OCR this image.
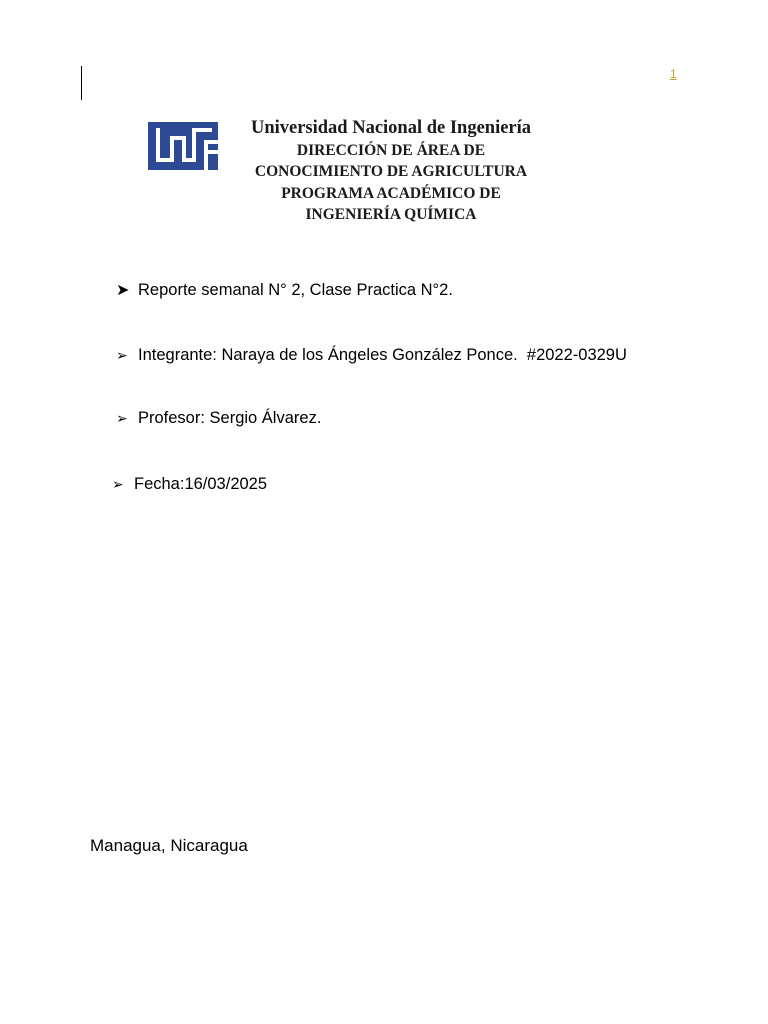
1
Universidad Nacional de Ingeniería
DIRECCIÓN DE ÁREA DE
CONOCIMIENTO DE AGRICULTURA
PROGRAMA ACADÉMICO DE
INGENIERÍA QUÍMICA
➤ Reporte semanal N° 2, Clase Practica N°2.
➢ Integrante: Naraya de los Ángeles González Ponce.  #2022-0329U
➢ Profesor: Sergio Álvarez.
➢ Fecha:16/03/2025
Managua, Nicaragua
